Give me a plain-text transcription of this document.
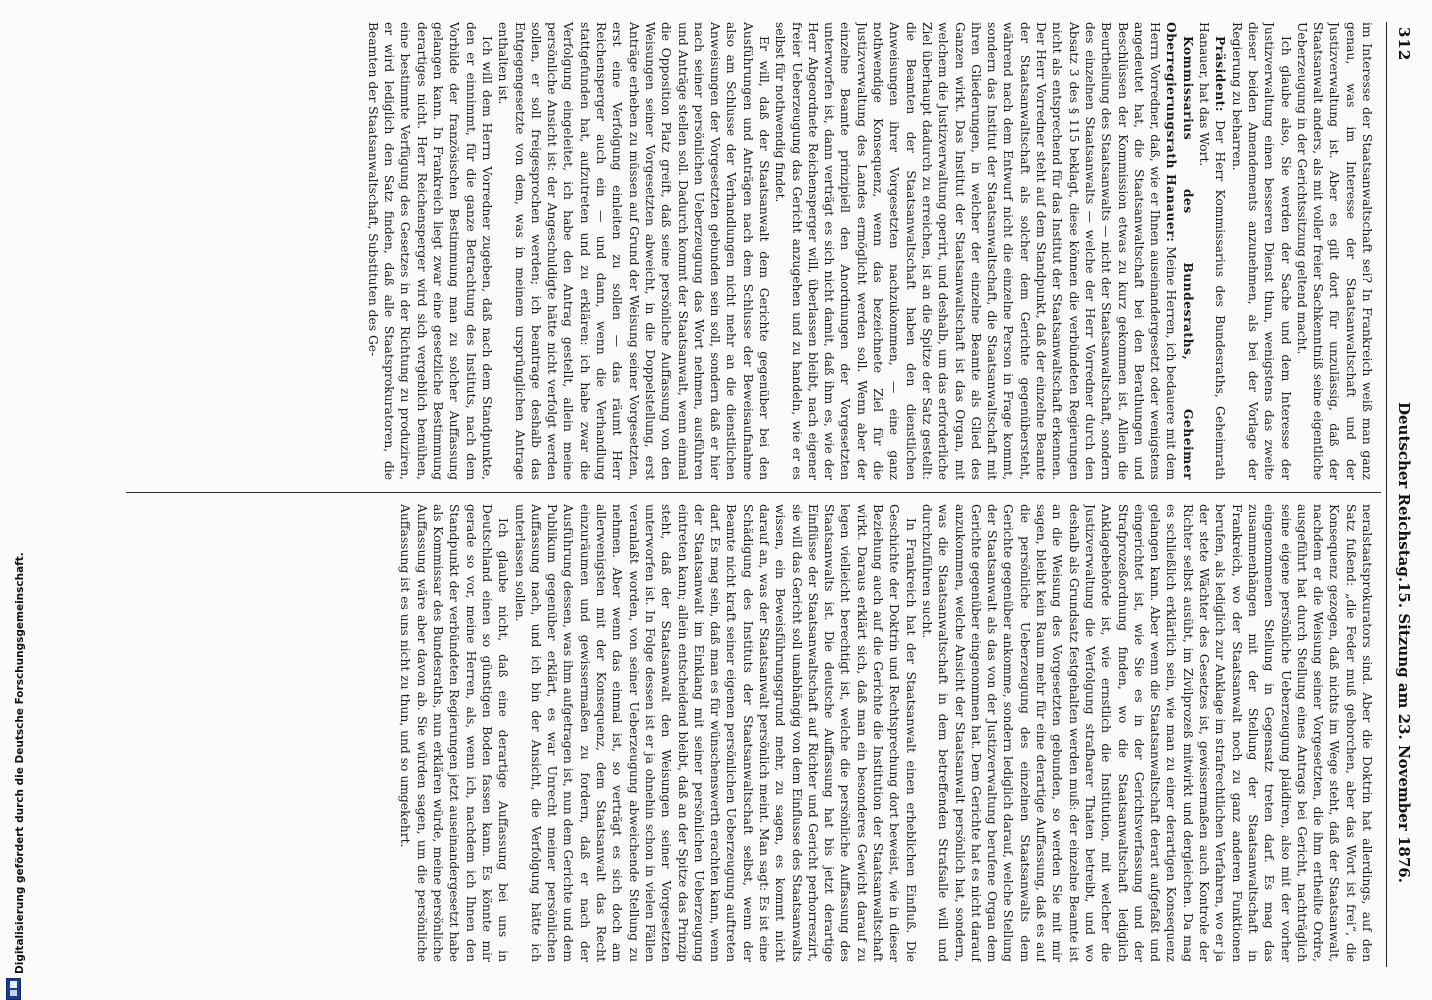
312
Deutscher Reichstag.
15. Sitzung am 23. November 1876.

im Interesse der Staatsanwaltschaft sei? In Frankreich weiß man ganz genau, was im Interesse der Staatsanwaltschaft und der Justizverwaltung ist. Aber es gilt dort für unzulässig, daß der Staatsanwalt anders, als mit voller freier Sachkenntniß seine eigentliche Ueberzeugung in der Gerichtssitzung geltend macht.

Ich glaube also, Sie werden der Sache und dem Interesse der Justizverwaltung einen besseren Dienst thun, wenigstens das zweite dieser beiden Amendements anzunehmen, als bei der Vorlage der Regierung zu beharren.

Präsident: Der Herr Kommissarius des Bundesraths, Geheimrath Hanauer, hat das Wort.

Kommissarius des Bundesraths, Geheimer Oberregierungsrath Hanauer: Meine Herren, ich bedauere mit dem Herrn Vorredner, daß, wie er Ihnen auseinandergesetzt oder wenigstens angedeutet hat, die Staatsanwaltschaft bei den Berathungen und Beschlüssen der Kommission etwas zu kurz gekommen ist. Allein die Beurtheilung des Staatsanwalts — nicht der Staatsanwaltschaft, sondern des einzelnen Staatsanwalts — welche der Herr Vorredner durch den Absatz 3 des § 115 beklagt, diese können die verbündeten Regierungen nicht als entsprechend für das Institut der Staatsanwaltschaft erkennen. Der Herr Vorredner steht auf dem Standpunkt, daß der einzelne Beamte der Staatsanwaltschaft als solcher dem Gerichte gegenübersteht, während nach dem Entwurf nicht die einzelne Person in Frage kommt, sondern das Institut der Staatsanwaltschaft, die Staatsanwaltschaft mit ihren Gliederungen, in welcher der einzelne Beamte als Glied des Ganzen wirkt. Das Institut der Staatsanwaltschaft ist das Organ, mit welchem die Justizverwaltung operirt, und deshalb, um das erforderliche Ziel überhaupt dadurch zu erreichen, ist an die Spitze der Satz gestellt: die Beamten der Staatsanwaltschaft haben den dienstlichen Anweisungen ihrer Vorgesetzten nachzukommen, — eine ganz nothwendige Konsequenz, wenn das bezeichnete Ziel für die Justizverwaltung des Landes ermöglicht werden soll. Wenn aber der einzelne Beamte prinzipiell den Anordnungen der Vorgesetzten unterworfen ist, dann verträgt es sich nicht damit, daß ihm es, wie der Herr Abgeordnete Reichensperger will, überlassen bleibt, nach eigener freier Ueberzeugung das Gericht anzugehen und zu handeln, wie er es selbst für nothwendig findet.

Er will, daß der Staatsanwalt dem Gerichte gegenüber bei den Ausführungen und Anträgen nach dem Schlusse der Beweisaufnahme also am Schlusse der Verhandlungen nicht mehr an die dienstlichen Anweisungen der Vorgesetzten gebunden sein soll, sondern daß er hier nach seiner persönlichen Ueberzeugung das Wort nehmen, ausführen und Anträge stellen soll. Dadurch kommt der Staatsanwalt, wenn einmal die Opposition Platz greift, daß seine persönliche Auffassung von den Weisungen seiner Vorgesetzten abweicht, in die Doppelstellung, erst Anträge erheben zu müssen auf Grund der Weisung seiner Vorgesetzten, erst eine Verfolgung einleiten zu sollen — das räumt Herr Reichensperger auch ein — und dann, wenn die Verhandlung stattgefunden hat, aufzutreten und zu erklären: ich habe zwar die Verfolgung eingeleitet, ich habe den Antrag gestellt, allein meine persönliche Ansicht ist: der Angeschuldigte hätte nicht verfolgt werden sollen, er soll freigesprochen werden; ich beantrage deshalb das Entgegengesetzte von dem, was in meinem ursprünglichen Antrage enthalten ist.

Ich will dem Herrn Vorredner zugeben, daß nach dem Standpunkte, den er einnimmt, für die ganze Betrachtung des Instituts, nach dem Vorbilde der französischen Bestimmung man zu solcher Auffassung gelangen kann. In Frankreich liegt zwar eine gesetzliche Bestimmung derartiges nicht. Herr Reichensperger wird sich vergeblich bemühen, eine bestimmte Verfügung des Gesetzes in der Richtung zu produziren, er wird lediglich den Satz finden, daß alle Staatsprokuratoren, die Beamten der Staatsanwaltschaft, Substituten des Ge-

neralstaatsprokurators sind. Aber die Doktrin hat allerdings, auf den Satz fußend: „die Feder muß gehorchen, aber das Wort ist frei“, die Konsequenz gezogen, daß nichts im Wege steht, daß der Staatsanwalt, nachdem er die Weisung seiner Vorgesetzten, die ihm ertheilte Ordre, ausgeführt hat durch Stellung eines Antrags bei Gericht, nachträglich seine eigene persönliche Ueberzeugung plaidiren, also mit der vorher eingenommenen Stellung in Gegensatz treten darf. Es mag das zusammenhängen mit der Stellung der Staatsanwaltschaft in Frankreich, wo der Staatsanwalt noch zu ganz anderen Funktionen berufen, als lediglich zur Anklage im strafrechtlichen Verfahren, wo er ja der stete Wächter des Gesetzes ist, gewissermaßen auch Kontrole der Richter selbst ausübt, im Zivilprozeß mitwirkt und dergleichen. Da mag es schließlich erklärlich sein, wie man zu einer derartigen Konsequenz gelangen kann. Aber wenn die Staatsanwaltschaft derart aufgefaßt und eingerichtet ist, wie Sie es in der Gerichtsverfassung und der Strafprozeßordnung finden, wo die Staatsanwaltschaft lediglich Anklagebehörde ist, wie ernstlich die Institution, mit welcher die Justizverwaltung die Verfolgung strafbarer Thaten betreibt, und wo deshalb als Grundsatz festgehalten werden muß: der einzelne Beamte ist an die Weisung des Vorgesetzten gebunden, so werden Sie mit mir sagen, bleibt kein Raum mehr für eine derartige Auffassung, daß es auf die persönliche Ueberzeugung des einzelnen Staatsanwalts dem Gerichte gegenüber ankomme, sondern lediglich darauf, welche Stellung der Staatsanwalt als das von der Justizverwaltung berufene Organ dem Gerichte gegenüber eingenommen hat. Dem Gerichte hat es nicht darauf anzukommen, welche Ansicht der Staatsanwalt persönlich hat, sondern, was die Staatsanwaltschaft in dem betreffenden Strafsalle will und durchzuführen sucht.

In Frankreich hat der Staatsanwalt einen erheblichen Einfluß. Die Geschichte der Doktrin und Rechtsprechung dort beweist, wie in dieser Beziehung auch auf die Gerichte die Institution der Staatsanwaltschaft wirkt. Daraus erklärt sich, daß man ein besonderes Gewicht darauf zu legen vielleicht berechtigt ist, welche die persönliche Auffassung des Staatsanwalts ist. Die deutsche Auffassung hat bis jetzt derartige Einflüsse der Staatsanwaltschaft auf Richter und Gericht perhorreszirt, sie will das Gericht soll unabhängig von dem Einflusse des Staatsanwalts wissen, ein Beweisführungsgrund mehr, zu sagen, es kommt nicht darauf an, was der Staatsanwalt persönlich meint. Man sagt: Es ist eine Schädigung des Instituts der Staatsanwaltschaft selbst, wenn der Beamte nicht kraft seiner eigenen persönlichen Ueberzeugung auftreten darf. Es mag sein, daß man es für wünschenswerth erachten kann, wenn der Staatsanwalt im Einklang mit seiner persönlichen Ueberzeugung eintreten kann; allein entscheidend bleibt, daß an der Spitze das Prinzip steht, daß der Staatsanwalt den Weisungen seiner Vorgesetzten unterworfen ist. In Folge dessen ist er ja ohnehin schon in vielen Fällen veranlaßt worden, von seiner Ueberzeugung abweichende Stellung zu nehmen. Aber wenn das einmal ist, so verträgt es sich doch am allerwenigsten mit der Konsequenz, dem Staatsanwalt das Recht einzuräumen und gewissermaßen zu fordern, daß er nach der Ausführung dessen, was ihm aufgetragen ist, nun dem Gerichte und dem Publikum gegenüber erklärt, es war Unrecht meiner persönlichen Auffassung nach, und ich bin der Ansicht, die Verfolgung hätte ich unterlassen sollen.

Ich glaube nicht, daß eine derartige Auffassung bei uns in Deutschland einen so günstigen Boden fassen kann. Es könnte mir gerade so vor, meine Herren, als, wenn ich, nachdem ich Ihnen den Standpunkt der verbündeten Regierungen jetzt auseinandergesetzt habe als Kommissar des Bundesraths, nun erklären würde, meine persönliche Auffassung wäre aber davon ab. Sie würden sagen, um die persönliche Auffassung ist es uns nicht zu thun, und so umgekehrt.

Digitalisierung gefördert durch die Deutsche Forschungsgemeinschaft.
